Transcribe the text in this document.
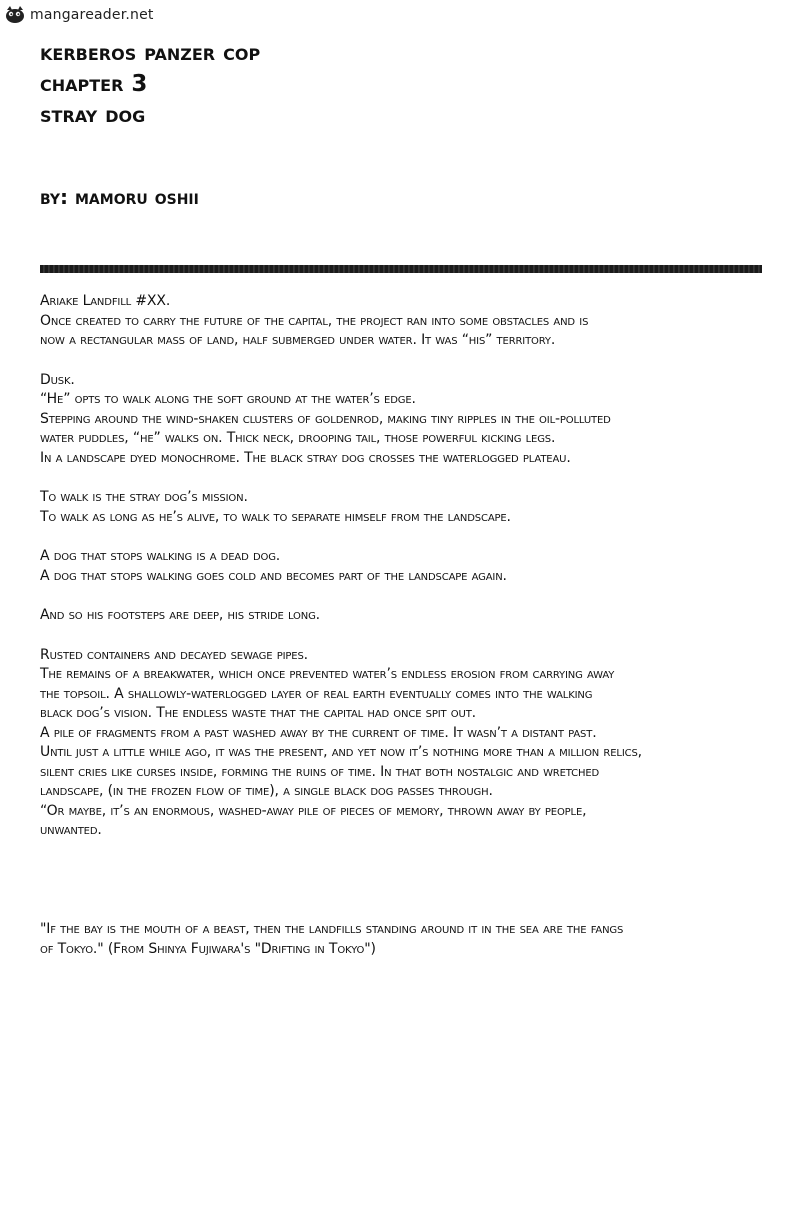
mangareader.net
kerberos panzer cop
chapter 3
stray dog
by: mamoru oshii
Ariake Landfill #XX.
Once created to carry the future of the capital, the project ran into some obstacles and is
now a rectangular mass of land, half submerged under water. It was “his” territory.
Dusk.
“He” opts to walk along the soft ground at the water’s edge.
Stepping around the wind-shaken clusters of goldenrod, making tiny ripples in the oil-polluted
water puddles, “he” walks on. Thick neck, drooping tail, those powerful kicking legs.
In a landscape dyed monochrome. The black stray dog crosses the waterlogged plateau.
To walk is the stray dog’s mission.
To walk as long as he’s alive, to walk to separate himself from the landscape.
A dog that stops walking is a dead dog.
A dog that stops walking goes cold and becomes part of the landscape again.
And so his footsteps are deep, his stride long.
Rusted containers and decayed sewage pipes.
The remains of a breakwater, which once prevented water’s endless erosion from carrying away
the topsoil. A shallowly-waterlogged layer of real earth eventually comes into the walking
black dog’s vision. The endless waste that the capital had once spit out.
A pile of fragments from a past washed away by the current of time. It wasn’t a distant past.
Until just a little while ago, it was the present, and yet now it’s nothing more than a million relics,
silent cries like curses inside, forming the ruins of time. In that both nostalgic and wretched
landscape, (in the frozen flow of time), a single black dog passes through.
“Or maybe, it’s an enormous, washed-away pile of pieces of memory, thrown away by people,
unwanted.
"If the bay is the mouth of a beast, then the landfills standing around it in the sea are the fangs
of Tokyo." (From Shinya Fujiwara's "Drifting in Tokyo")
